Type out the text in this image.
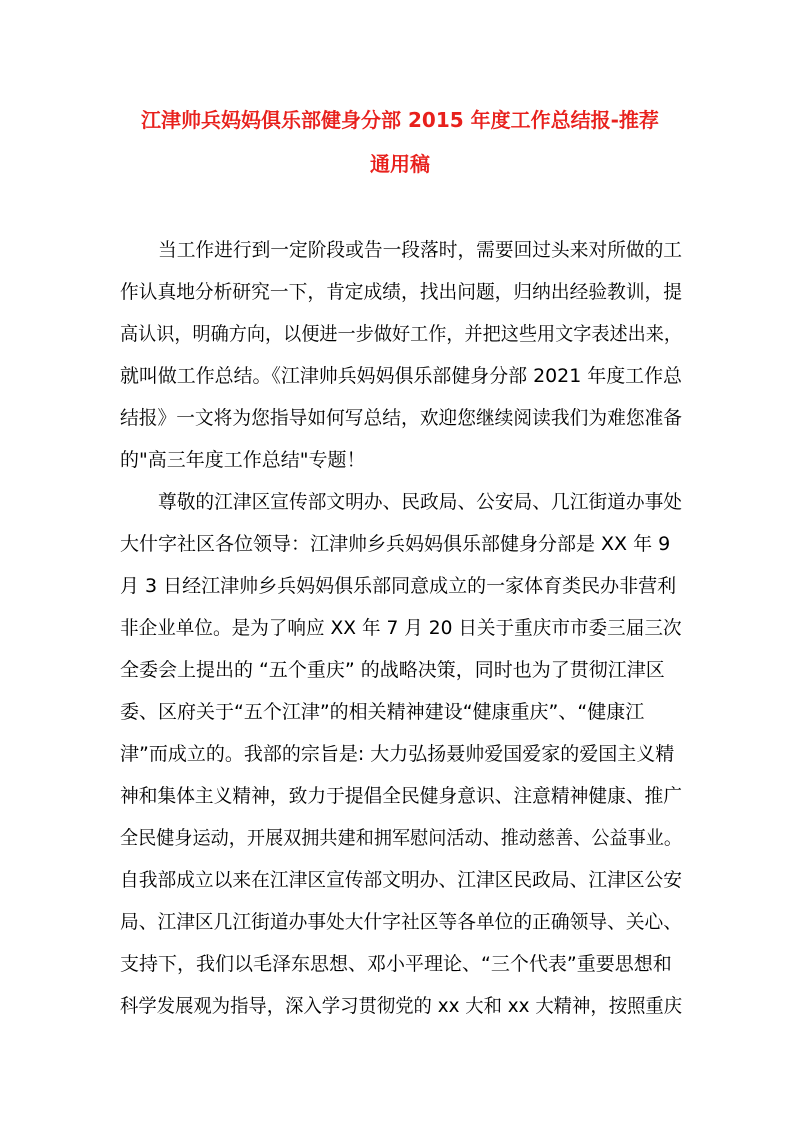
江津帅兵妈妈俱乐部健身分部 2015 年度工作总结报-推荐
通用稿
当工作进行到一定阶段或告一段落时，需要回过头来对所做的工
作认真地分析研究一下，肯定成绩，找出问题，归纳出经验教训，提
高认识，明确方向，以便进一步做好工作，并把这些用文字表述出来，
就叫做工作总结。《江津帅兵妈妈俱乐部健身分部 2021 年度工作总
结报》一文将为您指导如何写总结，欢迎您继续阅读我们为难您准备
的"高三年度工作总结"专题！
尊敬的江津区宣传部文明办、民政局、公安局、几江街道办事处
大什字社区各位领导：江津帅乡兵妈妈俱乐部健身分部是 XX 年 9
月 3 日经江津帅乡兵妈妈俱乐部同意成立的一家体育类民办非营利
非企业单位。是为了响应 XX 年 7 月 20 日关于重庆市市委三届三次
全委会上提出的 “五个重庆” 的战略决策，同时也为了贯彻江津区
委、区府关于“五个江津”的相关精神建设“健康重庆”、“健康江
津”而成立的。我部的宗旨是: 大力弘扬聂帅爱国爱家的爱国主义精
神和集体主义精神，致力于提倡全民健身意识、注意精神健康、推广
全民健身运动，开展双拥共建和拥军慰问活动、推动慈善、公益事业。
自我部成立以来在江津区宣传部文明办、江津区民政局、江津区公安
局、江津区几江街道办事处大什字社区等各单位的正确领导、关心、
支持下，我们以毛泽东思想、邓小平理论、“三个代表”重要思想和
科学发展观为指导，深入学习贯彻党的 xx 大和 xx 大精神，按照重庆
